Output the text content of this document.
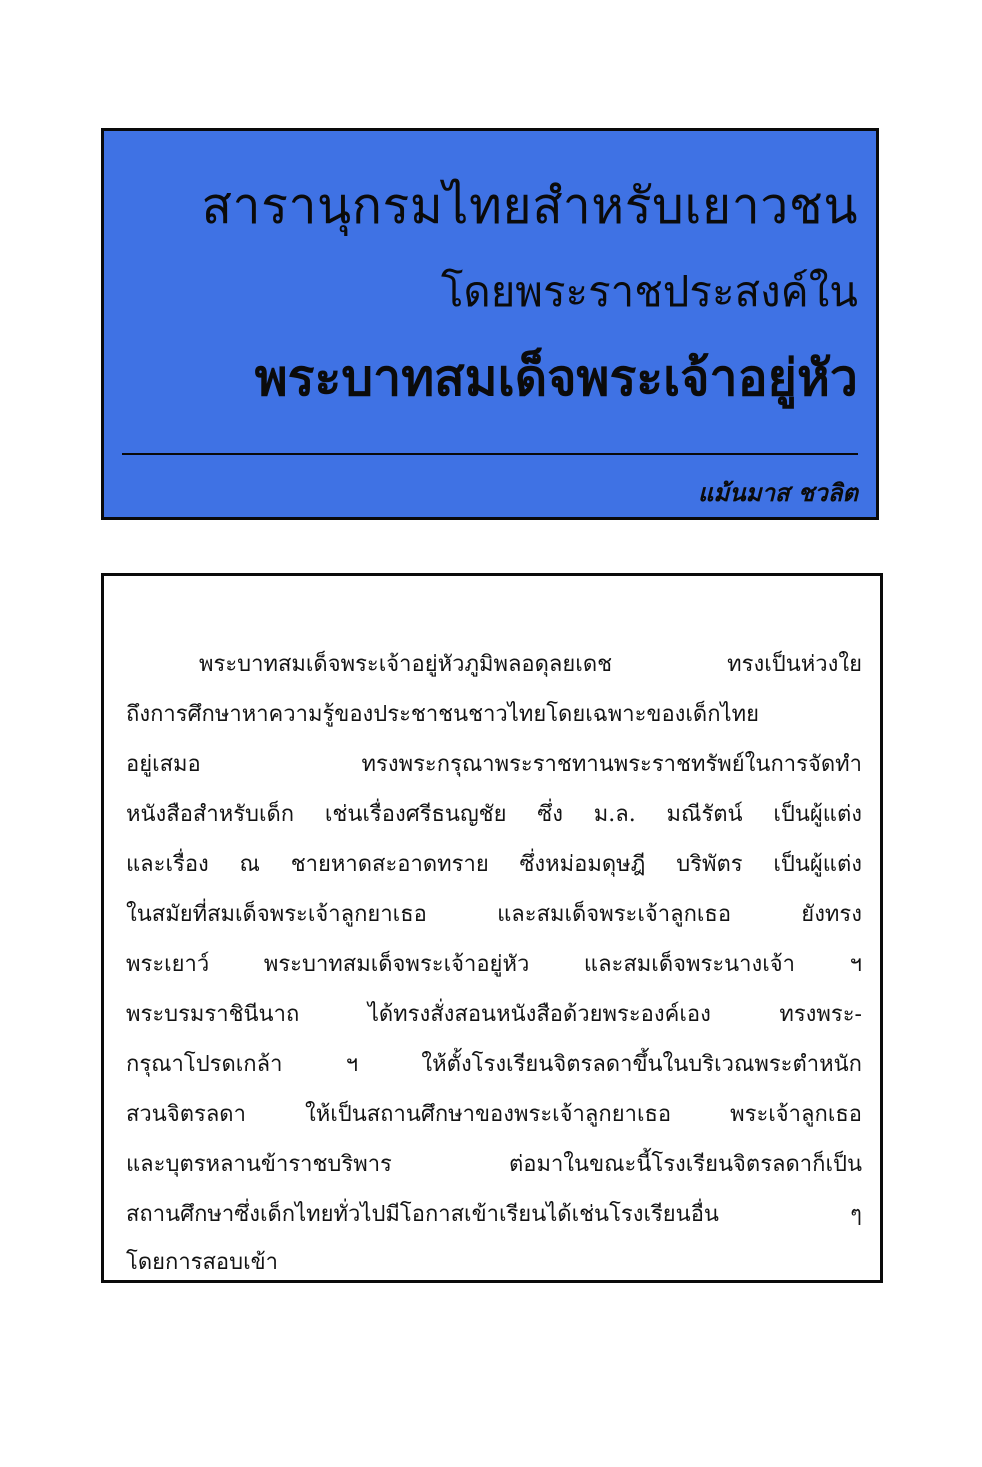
สารานุกรมไทยสำหรับเยาวชน
โดยพระราชประสงค์ใน
พระบาทสมเด็จพระเจ้าอยู่หัว

แม้นมาส ชวลิต

พระบาทสมเด็จพระเจ้าอยู่หัวภูมิพลอดุลยเดช ทรงเป็นห่วงใย

ถึงการศึกษาหาความรู้ของประชาชนชาวไทยโดยเฉพาะของเด็กไทย

อยู่เสมอ ทรงพระกรุณาพระราชทานพระราชทรัพย์ในการจัดทำ

หนังสือสำหรับเด็ก เช่นเรื่องศรีธนญชัย ซึ่ง ม.ล. มณีรัตน์ เป็นผู้แต่ง

และเรื่อง ณ ชายหาดสะอาดทราย ซึ่งหม่อมดุษฎี บริพัตร เป็นผู้แต่ง

ในสมัยที่สมเด็จพระเจ้าลูกยาเธอ และสมเด็จพระเจ้าลูกเธอ ยังทรง

พระเยาว์ พระบาทสมเด็จพระเจ้าอยู่หัว และสมเด็จพระนางเจ้า ฯ

พระบรมราชินีนาถ ได้ทรงสั่งสอนหนังสือด้วยพระองค์เอง ทรงพระ-

กรุณาโปรดเกล้า ฯ ให้ตั้งโรงเรียนจิตรลดาขึ้นในบริเวณพระตำหนัก

สวนจิตรลดา ให้เป็นสถานศึกษาของพระเจ้าลูกยาเธอ พระเจ้าลูกเธอ

และบุตรหลานข้าราชบริพาร ต่อมาในขณะนี้โรงเรียนจิตรลดาก็เป็น

สถานศึกษาซึ่งเด็กไทยทั่วไปมีโอกาสเข้าเรียนได้เช่นโรงเรียนอื่น ๆ

โดยการสอบเข้า
